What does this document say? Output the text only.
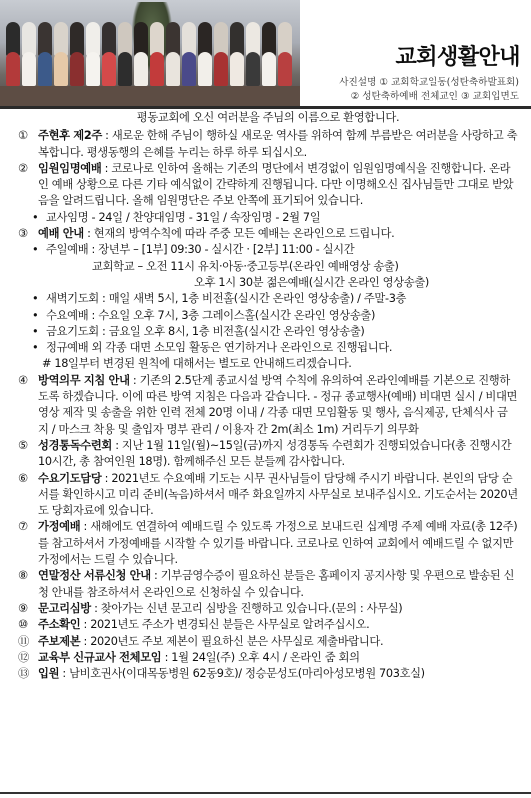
교회생활안내
사진설명 ① 교회학교일동(성탄축하발표회)
② 성탄축하예배 전체교인 ③ 교회입면도
평동교회에 오신 여러분을 주님의 이름으로 환영합니다.
① 주현후 제2주 : 새로운 한해 주님이 행하실 새로운 역사를 위하여 함께 부름받은 여러분을 사랑하고 축복합니다. 평생동행의 은혜를 누리는 하루 하루 되십시오.
② 임원임명예배 : 코로나로 인하여 올해는 기존의 명단에서 변경없이 임원임명예식을 진행합니다. 온라인 예배 상황으로 다른 기타 예식없이 간략하게 진행됩니다. 다만 이명해오신 집사님들만 그대로 받았음을 알려드립니다. 올해 임원명단은 주보 안쪽에 표기되어 있습니다.
• 교사임명 - 24일 / 찬양대임명 - 31일 / 속장임명 - 2월 7일
③ 예배 안내 : 현재의 방역수칙에 따라 주중 모든 예배는 온라인으로 드립니다.
• 주일예배 : 장년부 – [1부] 09:30 - 실시간 · [2부] 11:00 - 실시간
교회학교 – 오전 11시 유치·아동·중고등부(온라인 예배영상 송출)
오후 1시 30분 젊은예배(실시간 온라인 영상송출)
• 새벽기도회 : 매일 새벽 5시, 1층 비전홀(실시간 온라인 영상송출) / 주말-3층
• 수요예배 : 수요일 오후 7시, 3층 그레이스홀(실시간 온라인 영상송출)
• 금요기도회 : 금요일 오후 8시, 1층 비전홀(실시간 온라인 영상송출)
• 정규예배 외 각종 대면 소모임 활동은 연기하거나 온라인으로 진행됩니다.
# 18일부터 변경된 원칙에 대해서는 별도로 안내해드리겠습니다.
④ 방역의무 지침 안내 : 기존의 2.5단계 종교시설 방역 수칙에 유의하여 온라인예배를 기본으로 진행하도록 하겠습니다. 이에 따른 방역 지침은 다음과 같습니다. - 정규 종교행사(예배) 비대면 실시 / 비대면 영상 제작 및 송출을 위한 인력 전체 20명 이내 / 각종 대면 모임활동 및 행사, 음식제공, 단체식사 금지 / 마스크 착용 및 출입자 명부 관리 / 이용자 간 2m(최소 1m) 거리두기 의무화
⑤ 성경통독수련회 : 지난 1월 11일(월)~15일(금)까지 성경통독 수련회가 진행되었습니다(총 진행시간 10시간, 총 참여인원 18명). 함께해주신 모든 분들께 감사합니다.
⑥ 수요기도담당 : 2021년도 수요예배 기도는 시무 권사님들이 담당해 주시기 바랍니다. 본인의 담당 순서를 확인하시고 미리 준비(녹음)하셔서 매주 화요일까지 사무실로 보내주십시오. 기도순서는 2020년도 당회자료에 있습니다.
⑦ 가정예배 : 새해에도 연결하여 예배드릴 수 있도록 가정으로 보내드린 십계명 주제 예배 자료(총 12주)를 참고하셔서 가정예배를 시작할 수 있기를 바랍니다. 코로나로 인하여 교회에서 예배드릴 수 없지만 가정에서는 드릴 수 있습니다.
⑧ 연말정산 서류신청 안내 : 기부금영수증이 필요하신 분들은 홈페이지 공지사항 및 우편으로 발송된 신청 안내를 참조하셔서 온라인으로 신청하실 수 있습니다.
⑨ 문고리심방 : 찾아가는 신년 문고리 심방을 진행하고 있습니다.(문의 : 사무실)
⑩ 주소확인 : 2021년도 주소가 변경되신 분들은 사무실로 알려주십시오.
⑪ 주보제본 : 2020년도 주보 제본이 필요하신 분은 사무실로 제출바랍니다.
⑫ 교육부 신규교사 전체모임 : 1월 24일(주) 오후 4시 / 온라인 줌 회의
⑬ 입원 : 남비호권사(이대목동병원 62동9호)/ 정승문성도(마리아성모병원 703호실)
